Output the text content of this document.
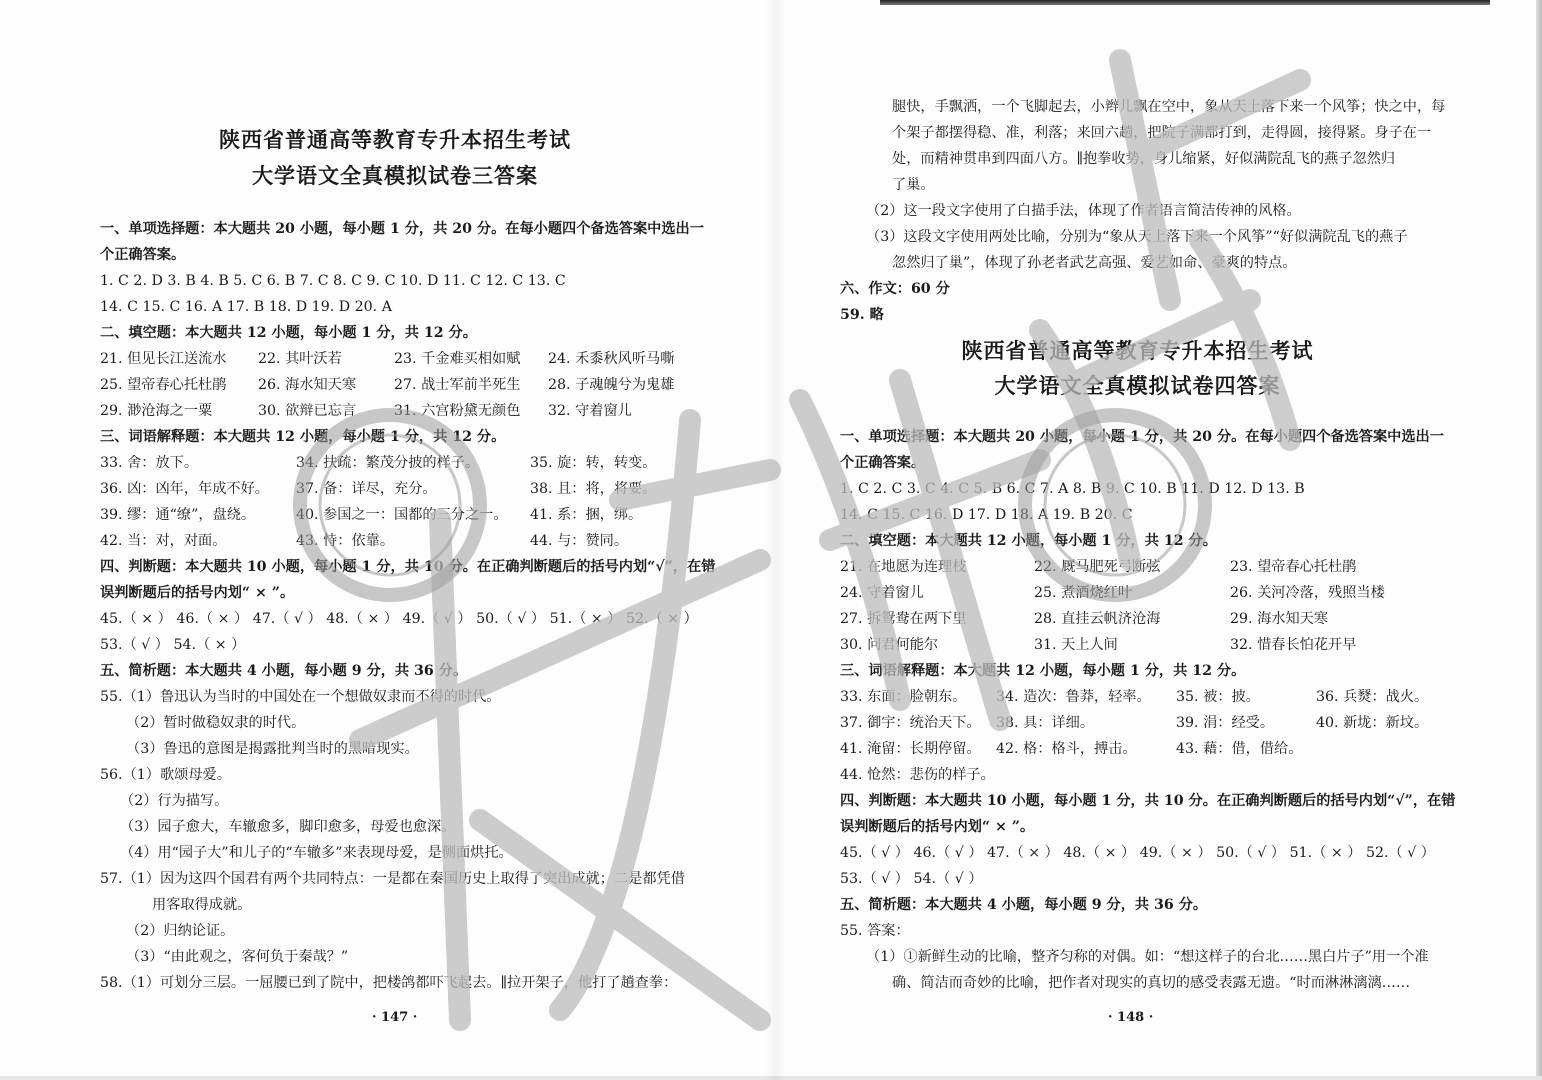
陕西省普通高等教育专升本招生考试
大学语文全真模拟试卷三答案
一、单项选择题：本大题共 20 小题，每小题 1 分，共 20 分。在每小题四个备选答案中选出一
个正确答案。
1. C 2. D 3. B 4. B 5. C 6. B 7. C 8. C 9. C 10. D 11. C 12. C 13. C
14. C 15. C 16. A 17. B 18. D 19. D 20. A
二、填空题：本大题共 12 小题，每小题 1 分，共 12 分。
21. 但见长江送流水 22. 其叶沃若	23. 千金难买相如赋 24. 禾黍秋风听马嘶
25. 望帝春心托杜鹃 26. 海水知天寒	27. 战士军前半死生 28. 子魂魄兮为鬼雄
29. 渺沧海之一粟	30. 欲辩已忘言	31. 六宫粉黛无颜色 32. 守着窗儿
三、词语解释题：本大题共 12 小题，每小题 1 分，共 12 分。
33. 舍：放下。	34. 扶疏：繁茂分披的样子。	35. 旋：转，转变。
36. 凶：凶年，年成不好。 37. 备：详尽，充分。	38. 且：将，将要。
39. 缪：通“缭”，盘绕。	40. 参国之一：国都的三分之一。 41. 系：捆，绑。
42. 当：对，对面。	43. 恃：依靠。	44. 与：赞同。
四、判断题：本大题共 10 小题，每小题 1 分，共 10 分。在正确判断题后的括号内划“√”，在错
误判断题后的括号内划“ × ”。
45.（ × ） 46.（ × ） 47.（ √ ） 48.（ × ） 49.（ √ ） 50.（ √ ） 51.（ × ） 52.（ × ）
53.（ √ ） 54.（ × ）
五、简析题：本大题共 4 小题，每小题 9 分，共 36 分。
55.（1）鲁迅认为当时的中国处在一个想做奴隶而不得的时代。
（2）暂时做稳奴隶的时代。
（3）鲁迅的意图是揭露批判当时的黑暗现实。
56.（1）歌颂母爱。
（2）行为描写。
（3）园子愈大，车辙愈多，脚印愈多，母爱也愈深。
（4）用“园子大”和儿子的“车辙多”来表现母爱，是侧面烘托。
57.（1）因为这四个国君有两个共同特点：一是都在秦国历史上取得了突出成就；二是都凭借
用客取得成就。
（2）归纳论证。
（3）“由此观之，客何负于秦哉？”
58.（1）可划分三层。一屈腰已到了院中，把楼鸽都吓飞起去。∥拉开架子，他打了趟查拳：
· 147 ·
腿快，手飘洒，一个飞脚起去，小辫儿飘在空中，象从天上落下来一个风筝；快之中，每
个架子都摆得稳、准，利落；来回六趟，把院子满都打到，走得圆，接得紧。身子在一
处，而精神贯串到四面八方。∥抱拳收势，身儿缩紧，好似满院乱飞的燕子忽然归
了巢。
（2）这一段文字使用了白描手法，体现了作者语言简洁传神的风格。
（3）这段文字使用两处比喻，分别为“象从天上落下来一个风筝”“好似满院乱飞的燕子
忽然归了巢”，体现了孙老者武艺高强、爱艺如命、豪爽的特点。
六、作文：60 分
59. 略
陕西省普通高等教育专升本招生考试
大学语文全真模拟试卷四答案
一、单项选择题：本大题共 20 小题，每小题 1 分，共 20 分。在每小题四个备选答案中选出一
个正确答案。
1. C 2. C 3. C 4. C 5. B 6. C 7. A 8. B 9. C 10. B 11. D 12. D 13. B
14. C 15. C 16. D 17. D 18. A 19. B 20. C
二、填空题：本大题共 12 小题，每小题 1 分，共 12 分。
21. 在地愿为连理枝	22. 厩马肥死弓断弦	23. 望帝春心托杜鹃
24. 守着窗儿	25. 煮酒烧红叶	26. 关河冷落，残照当楼
27. 拆鸳鸯在两下里	28. 直挂云帆济沧海	29. 海水知天寒
30. 问君何能尔	31. 天上人间	32. 惜春长怕花开早
三、词语解释题：本大题共 12 小题，每小题 1 分，共 12 分。
33. 东面：脸朝东。 34. 造次：鲁莽，轻率。 35. 被：披。	36. 兵燹：战火。
37. 御宇：统治天下。 38. 具：详细。	39. 涓：经受。	40. 新垅：新坟。
41. 淹留：长期停留。 42. 格：格斗，搏击。	43. 藉：借，借给。
44. 怆然：悲伤的样子。
四、判断题：本大题共 10 小题，每小题 1 分，共 10 分。在正确判断题后的括号内划“√”，在错
误判断题后的括号内划“ × ”。
45.（ √ ） 46.（ √ ） 47.（ × ） 48.（ × ） 49.（ × ） 50.（ √ ） 51.（ × ） 52.（ √ ）
53.（ √ ） 54.（ √ ）
五、简析题：本大题共 4 小题，每小题 9 分，共 36 分。
55. 答案：
（1）①新鲜生动的比喻，整齐匀称的对偶。如：“想这样子的台北……黑白片子”用一个准
确、简洁而奇妙的比喻，把作者对现实的真切的感受表露无遗。“时而淋淋漓漓……
· 148 ·
